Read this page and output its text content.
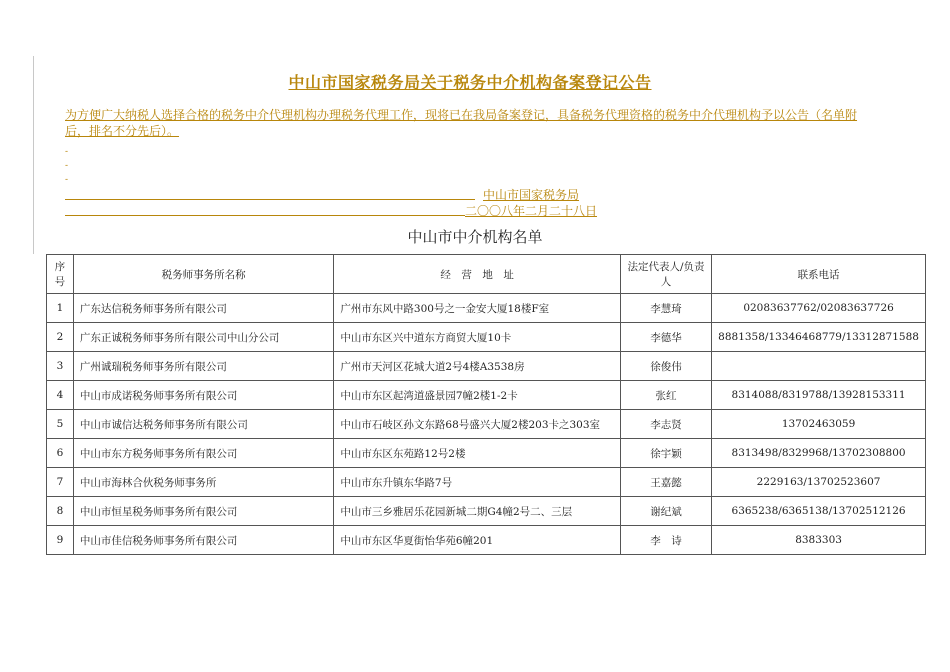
中山市国家税务局关于税务中介机构备案登记公告

为方便广大纳税人选择合格的税务中介代理机构办理税务代理工作，现将已在我局备案登记，具备税务代理资格的税务中介代理机构予以公告（名单附后，排名不分先后）。

-
-
-
中山市国家税务局
二〇〇八年二月二十八日
中山市中介机构名单
序号	税务师事务所名称	经　营　地　址	法定代表人/负责人	联系电话
1	广东达信税务师事务所有限公司	广州市东风中路300号之一金安大厦18楼F室	李慧琦	02083637762/02083637726
2	广东正诚税务师事务所有限公司中山分公司	中山市东区兴中道东方商贸大厦10卡	李德华	8881358/13346468779/13312871588
3	广州诚瑞税务师事务所有限公司	广州市天河区花城大道2号4楼A3538房	徐俊伟	
4	中山市成诺税务师事务所有限公司	中山市东区起湾道盛景园7幢2楼1-2卡	张红	8314088/8319788/13928153311
5	中山市诚信达税务师事务所有限公司	中山市石岐区孙文东路68号盛兴大厦2楼203卡之303室	李志贤	13702463059
6	中山市东方税务师事务所有限公司	中山市东区东苑路12号2楼	徐宇颖	8313498/8329968/13702308800
7	中山市海林合伙税务师事务所	中山市东升镇东华路7号	王嘉懿	2229163/13702523607
8	中山市恒星税务师事务所有限公司	中山市三乡雅居乐花园新城二期G4幢2号二、三层	谢纪斌	6365238/6365138/13702512126
9	中山市佳信税务师事务所有限公司	中山市东区华夏街怡华苑6幢201	李　诗	8383303
